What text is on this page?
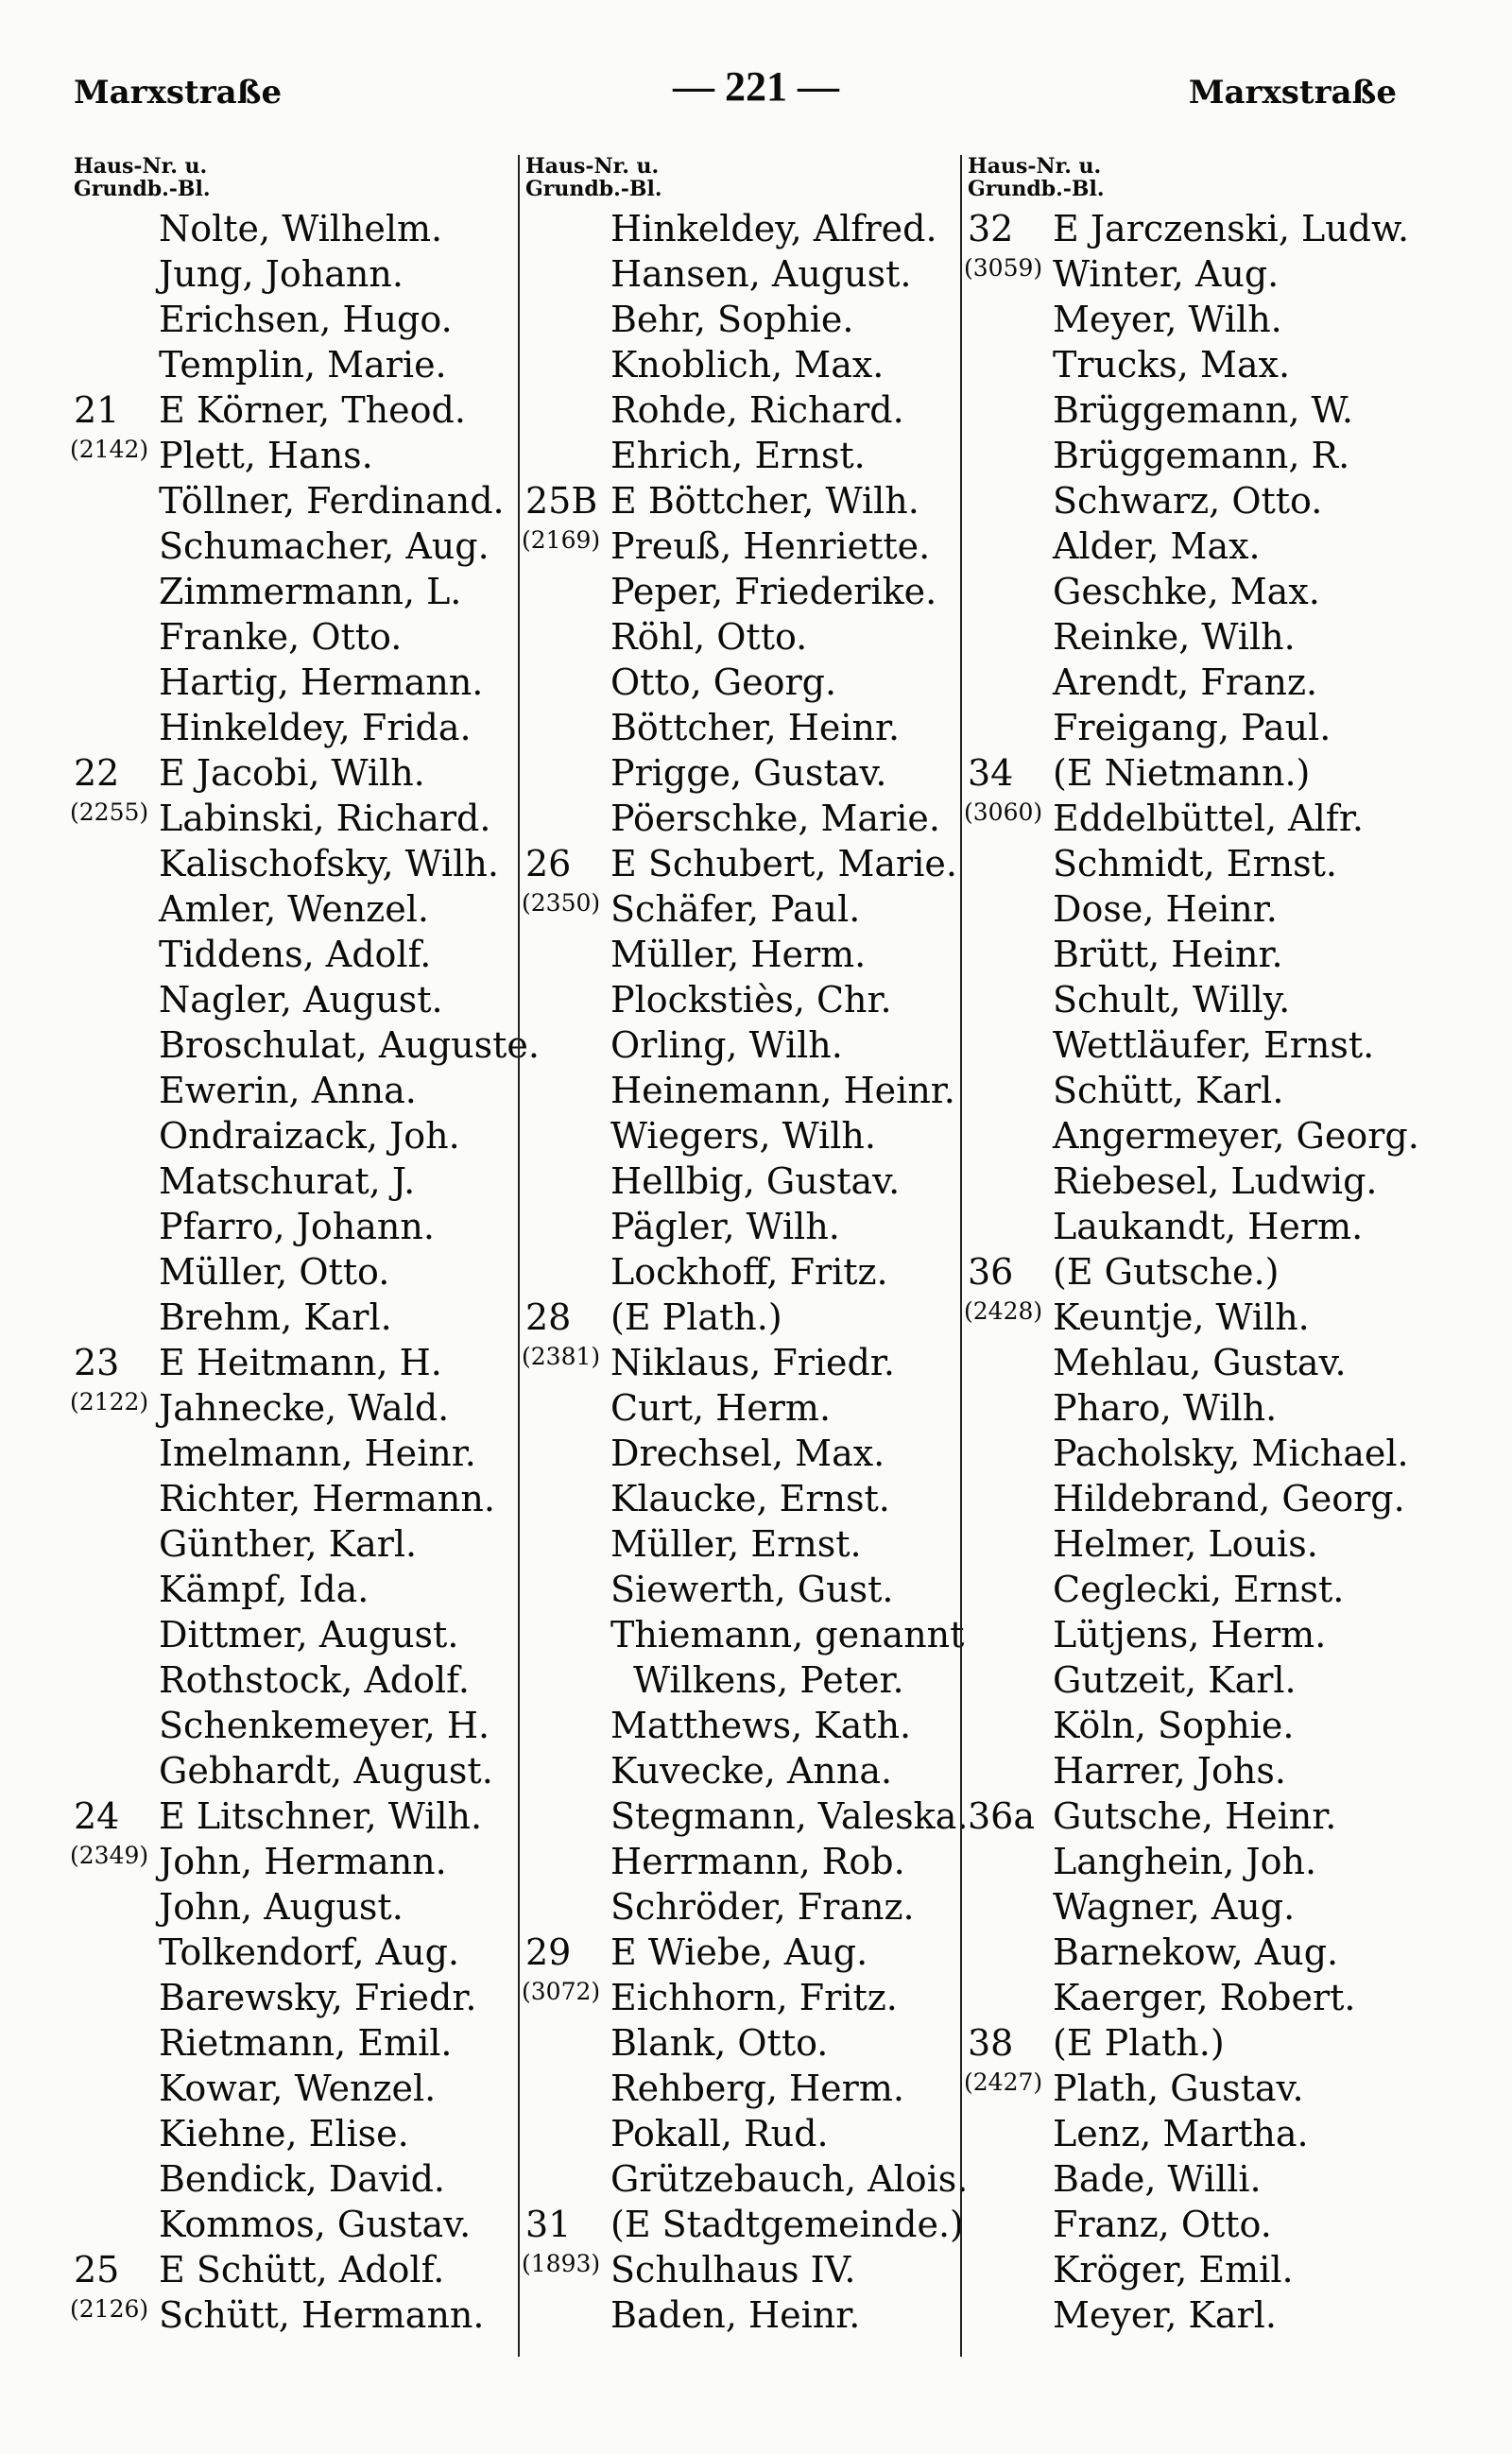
Marxstraße	— 221 —	Marxstraße
Haus-Nr. u.
Grundb.-Bl.
Nolte, Wilhelm.
Jung, Johann.
Erichsen, Hugo.
Templin, Marie.
21 E Körner, Theod.
(2142) Plett, Hans.
Töllner, Ferdinand.
Schumacher, Aug.
Zimmermann, L.
Franke, Otto.
Hartig, Hermann.
Hinkeldey, Frida.
22 E Jacobi, Wilh.
(2255) Labinski, Richard.
Kalischofsky, Wilh.
Amler, Wenzel.
Tiddens, Adolf.
Nagler, August.
Broschulat, Auguste.
Ewerin, Anna.
Ondraizack, Joh.
Matschurat, J.
Pfarro, Johann.
Müller, Otto.
Brehm, Karl.
23 E Heitmann, H.
(2122) Jahnecke, Wald.
Imelmann, Heinr.
Richter, Hermann.
Günther, Karl.
Kämpf, Ida.
Dittmer, August.
Rothstock, Adolf.
Schenkemeyer, H.
Gebhardt, August.
24 E Litschner, Wilh.
(2349) John, Hermann.
John, August.
Tolkendorf, Aug.
Barewsky, Friedr.
Rietmann, Emil.
Kowar, Wenzel.
Kiehne, Elise.
Bendick, David.
Kommos, Gustav.
25 E Schütt, Adolf.
(2126) Schütt, Hermann.
Haus-Nr. u.
Grundb.-Bl.
Hinkeldey, Alfred.
Hansen, August.
Behr, Sophie.
Knoblich, Max.
Rohde, Richard.
Ehrich, Ernst.
25B E Böttcher, Wilh.
(2169) Preuß, Henriette.
Peper, Friederike.
Röhl, Otto.
Otto, Georg.
Böttcher, Heinr.
Prigge, Gustav.
Pöerschke, Marie.
26 E Schubert, Marie.
(2350) Schäfer, Paul.
Müller, Herm.
Plockstiès, Chr.
Orling, Wilh.
Heinemann, Heinr.
Wiegers, Wilh.
Hellbig, Gustav.
Pägler, Wilh.
Lockhoff, Fritz.
28 (E Plath.)
(2381) Niklaus, Friedr.
Curt, Herm.
Drechsel, Max.
Klaucke, Ernst.
Müller, Ernst.
Siewerth, Gust.
Thiemann, genannt
Wilkens, Peter.
Matthews, Kath.
Kuvecke, Anna.
Stegmann, Valeska.
Herrmann, Rob.
Schröder, Franz.
29 E Wiebe, Aug.
(3072) Eichhorn, Fritz.
Blank, Otto.
Rehberg, Herm.
Pokall, Rud.
Grützebauch, Alois.
31 (E Stadtgemeinde.)
(1893) Schulhaus IV.
Baden, Heinr.
Haus-Nr. u.
Grundb.-Bl.
32 E Jarczenski, Ludw.
(3059) Winter, Aug.
Meyer, Wilh.
Trucks, Max.
Brüggemann, W.
Brüggemann, R.
Schwarz, Otto.
Alder, Max.
Geschke, Max.
Reinke, Wilh.
Arendt, Franz.
Freigang, Paul.
34 (E Nietmann.)
(3060) Eddelbüttel, Alfr.
Schmidt, Ernst.
Dose, Heinr.
Brütt, Heinr.
Schult, Willy.
Wettläufer, Ernst.
Schütt, Karl.
Angermeyer, Georg.
Riebesel, Ludwig.
Laukandt, Herm.
36 (E Gutsche.)
(2428) Keuntje, Wilh.
Mehlau, Gustav.
Pharo, Wilh.
Pacholsky, Michael.
Hildebrand, Georg.
Helmer, Louis.
Ceglecki, Ernst.
Lütjens, Herm.
Gutzeit, Karl.
Köln, Sophie.
Harrer, Johs.
36a Gutsche, Heinr.
Langhein, Joh.
Wagner, Aug.
Barnekow, Aug.
Kaerger, Robert.
38 (E Plath.)
(2427) Plath, Gustav.
Lenz, Martha.
Bade, Willi.
Franz, Otto.
Kröger, Emil.
Meyer, Karl.
